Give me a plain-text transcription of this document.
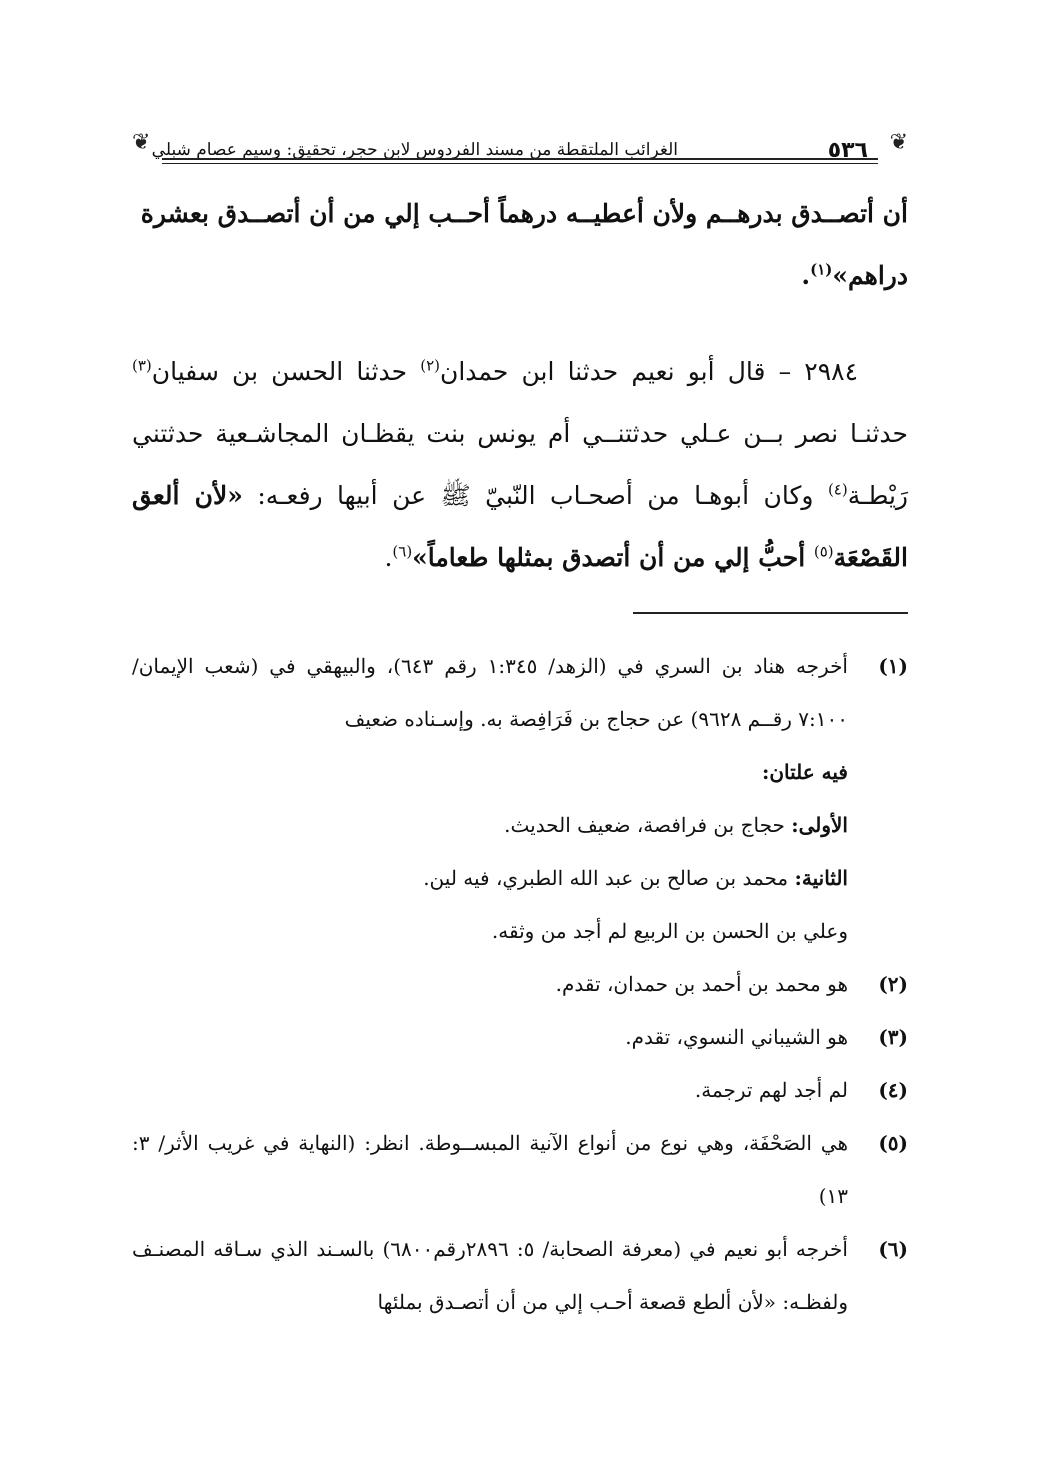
❦
٥٣٦
الغرائب الملتقطة من مسند الفردوس لابن حجر، تحقيق: وسيم عصام شبلي
❦

أن أتصــدق بدرهــم ولأن أعطيــه درهماً أحــب إلي من أن أتصــدق بعشرة
دراهم»$^{(١)}$.

٢٩٨٤ – قال أبو نعيم حدثنا ابن حمدان$^{(٢)}$ حدثنا الحسن بن سفيان$^{(٣)}$ حدثنـا نصر بــن عـلي حدثتنــي أم يونس بنت يقظـان المجاشـعية حدثتني رَيْطـة$^{(٤)}$ وكان أبوهـا من أصحـاب النّبيّ ﷺ عن أبيها رفعـه: «لأن ألعق القَصْعَة$^{(٥)}$ أحبُّ إلي من أن أتصدق بمثلها طعاماً»$^{(٦)}$.

(١)

أخرجه هناد بن السري في (الزهد/ ١:٣٤٥ رقم ٦٤٣)، والبيهقي في (شعب الإيمان/ ٧:١٠٠ رقــم ٩٦٢٨) عن حجاج بن فَرَافِصة به. وإسـناده ضعيف

فيه علتان:

الأولى: حجاج بن فرافصة، ضعيف الحديث.

الثانية: محمد بن صالح بن عبد الله الطبري، فيه لين.

وعلي بن الحسن بن الربيع لم أجد من وثقه.

(٢)
هو محمد بن أحمد بن حمدان، تقدم.
(٣)
هو الشيباني النسوي، تقدم.
(٤)
لم أجد لهم ترجمة.
(٥)
هي الصَحْفَة، وهي نوع من أنواع الآنية المبســوطة. انظر: (النهاية في غريب الأثر/ ٣: ١٣)
(٦)
أخرجه أبو نعيم في (معرفة الصحابة/ ٥: ٢٨٩٦رقم٦٨٠٠) بالسـند الذي سـاقه المصنـف ولفظـه: «لأن ألطع قصعة أحـب إلي من أن أتصـدق بملئها
